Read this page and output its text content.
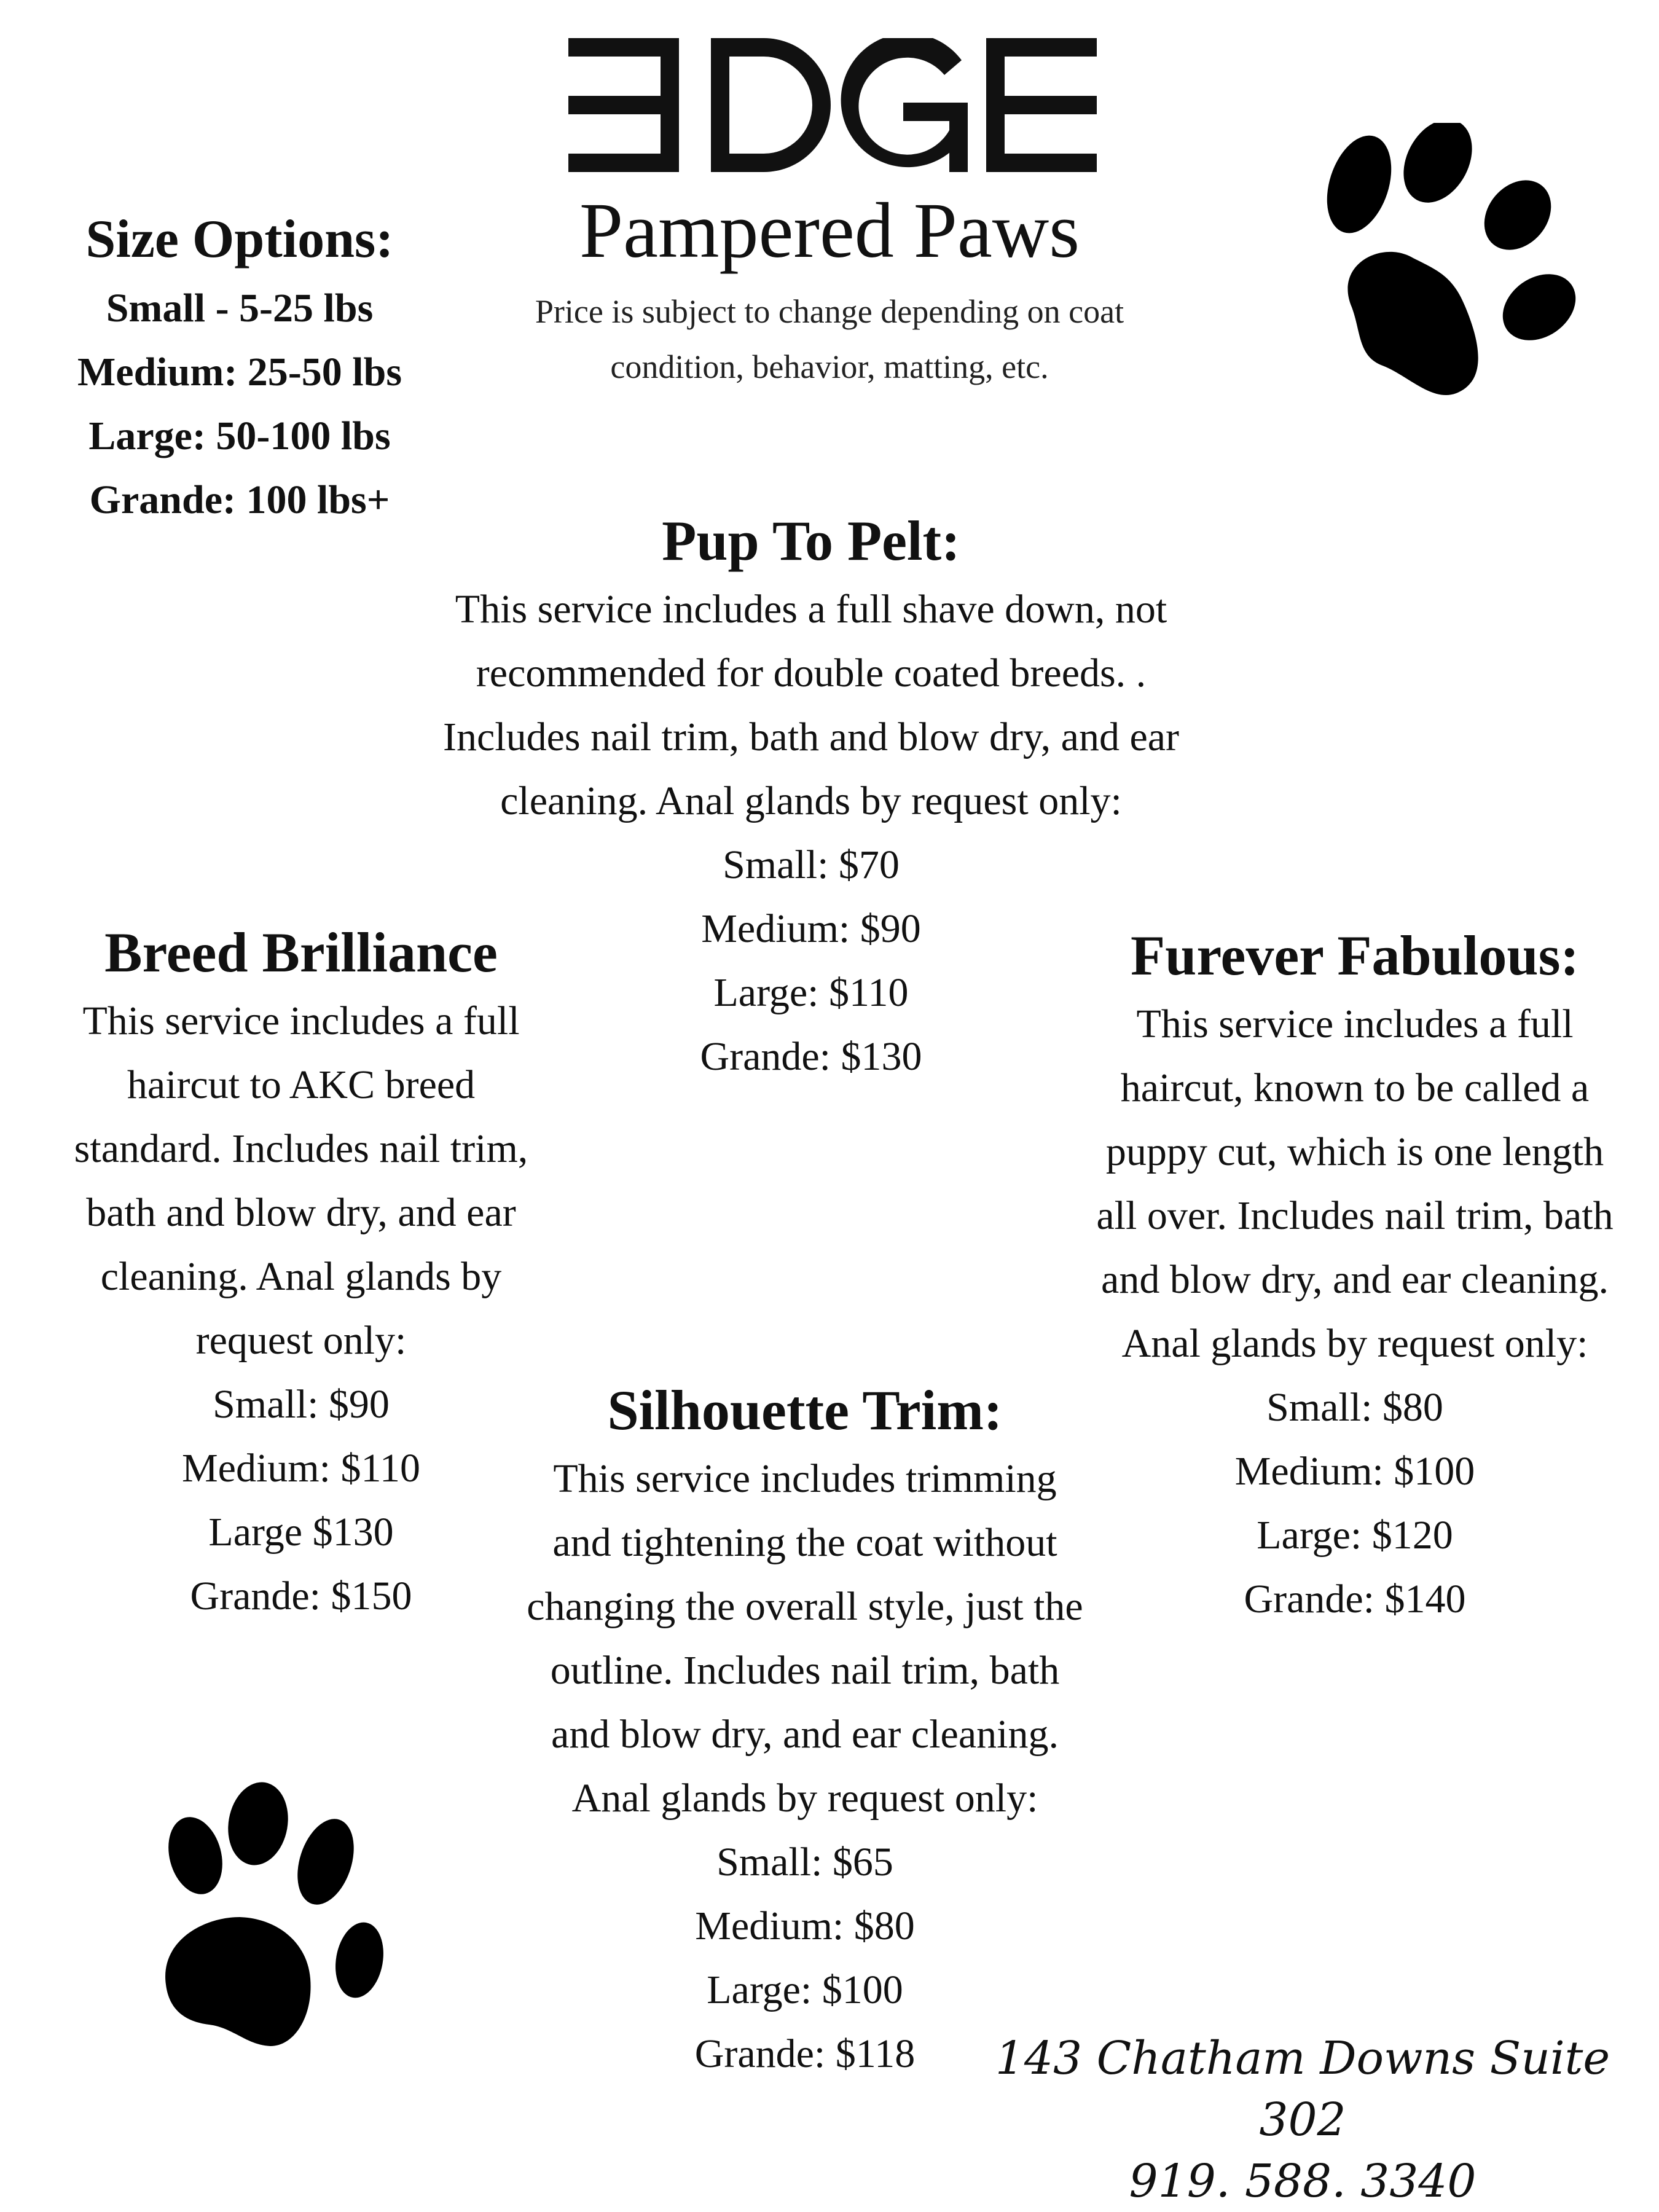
Pampered Paws
Price is subject to change depending on coat condition, behavior, matting, etc.
Size Options:
Small - 5-25 lbs
Medium: 25-50 lbs
Large: 50-100 lbs
Grande: 100 lbs+
Pup To Pelt:
This service includes a full shave down, not recommended for double coated breeds. . Includes nail trim, bath and blow dry, and ear cleaning. Anal glands by request only:
Small: $70
Medium: $90
Large: $110
Grande: $130
Breed Brilliance
This service includes a full haircut to AKC breed standard. Includes nail trim, bath and blow dry, and ear cleaning. Anal glands by request only:
Small: $90
Medium: $110
Large $130
Grande: $150
Furever Fabulous:
This service includes a full haircut, known to be called a puppy cut, which is one length all over. Includes nail trim, bath and blow dry, and ear cleaning. Anal glands by request only:
Small: $80
Medium: $100
Large: $120
Grande: $140
Silhouette Trim:
This service includes trimming and tightening the coat without changing the overall style, just the outline. Includes nail trim, bath and blow dry, and ear cleaning. Anal glands by request only:
Small: $65
Medium: $80
Large: $100
Grande: $118	143 Chatham Downs Suite 302
919. 588. 3340
